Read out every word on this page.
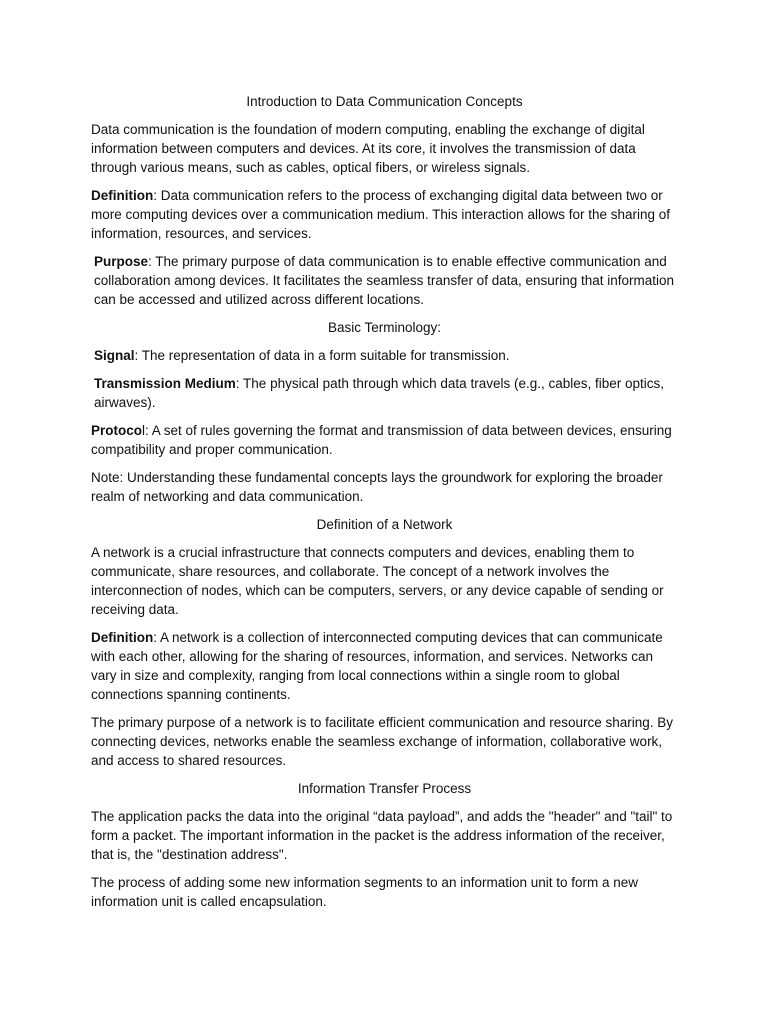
Introduction to Data Communication Concepts

Data communication is the foundation of modern computing, enabling the exchange of digital information between computers and devices. At its core, it involves the transmission of data through various means, such as cables, optical fibers, or wireless signals.

Definition: Data communication refers to the process of exchanging digital data between two or more computing devices over a communication medium. This interaction allows for the sharing of information, resources, and services.

Purpose: The primary purpose of data communication is to enable effective communication and collaboration among devices. It facilitates the seamless transfer of data, ensuring that information can be accessed and utilized across different locations.

Basic Terminology:

Signal: The representation of data in a form suitable for transmission.

Transmission Medium: The physical path through which data travels (e.g., cables, fiber optics, airwaves).

Protocol: A set of rules governing the format and transmission of data between devices, ensuring compatibility and proper communication.

Note: Understanding these fundamental concepts lays the groundwork for exploring the broader realm of networking and data communication.

Definition of a Network

A network is a crucial infrastructure that connects computers and devices, enabling them to communicate, share resources, and collaborate. The concept of a network involves the interconnection of nodes, which can be computers, servers, or any device capable of sending or receiving data.

Definition: A network is a collection of interconnected computing devices that can communicate with each other, allowing for the sharing of resources, information, and services. Networks can vary in size and complexity, ranging from local connections within a single room to global connections spanning continents.

The primary purpose of a network is to facilitate efficient communication and resource sharing. By connecting devices, networks enable the seamless exchange of information, collaborative work, and access to shared resources.

Information Transfer Process

The application packs the data into the original “data payload”, and adds the "header" and "tail" to form a packet. The important information in the packet is the address information of the receiver, that is, the "destination address".

The process of adding some new information segments to an information unit to form a new information unit is called encapsulation.
